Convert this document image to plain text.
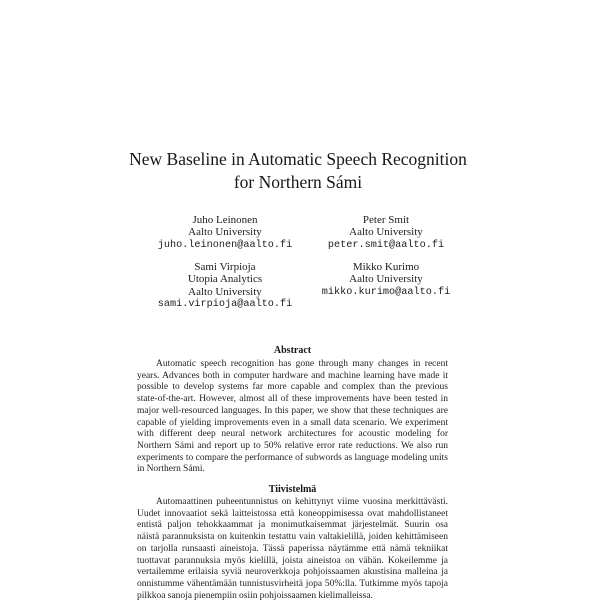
New Baseline in Automatic Speech Recognition for Northern Sámi
Juho Leinonen
Aalto University
juho.leinonen@aalto.fi
Peter Smit
Aalto University
peter.smit@aalto.fi
Sami Virpioja
Utopia Analytics
Aalto University
sami.virpioja@aalto.fi
Mikko Kurimo
Aalto University
mikko.kurimo@aalto.fi
Abstract

Automatic speech recognition has gone through many changes in recent years. Advances both in computer hardware and machine learning have made it possible to develop systems far more capable and complex than the previous state-of-the-art. However, almost all of these improvements have been tested in major well-resourced languages. In this paper, we show that these techniques are capable of yielding improvements even in a small data scenario. We experiment with different deep neural network architectures for acoustic modeling for Northern Sámi and report up to 50% relative error rate reductions. We also run experiments to compare the performance of subwords as language modeling units in Northern Sámi.

Tiivistelmä

Automaattinen puheentunnistus on kehittynyt viime vuosina merkittävästi. Uudet innovaatiot sekä laitteistossa että koneoppimisessa ovat mahdollistaneet entistä paljon tehokkaammat ja monimutkaisemmat järjestelmät. Suurin osa näistä parannuksista on kuitenkin testattu vain valtakielillä, joiden kehittämiseen on tarjolla runsaasti aineistoja. Tässä paperissa näytämme että nämä tekniikat tuottavat parannuksia myös kielillä, joista aineistoa on vähän. Kokeilemme ja vertailemme erilaisia syviä neuroverkkoja pohjoissaamen akustisina malleina ja onnistumme vähentämään tunnistusvirheitä jopa 50%:lla. Tutkimme myös tapoja pilkkoa sanoja pienempiin osiin pohjoissaamen kielimalleissa.
